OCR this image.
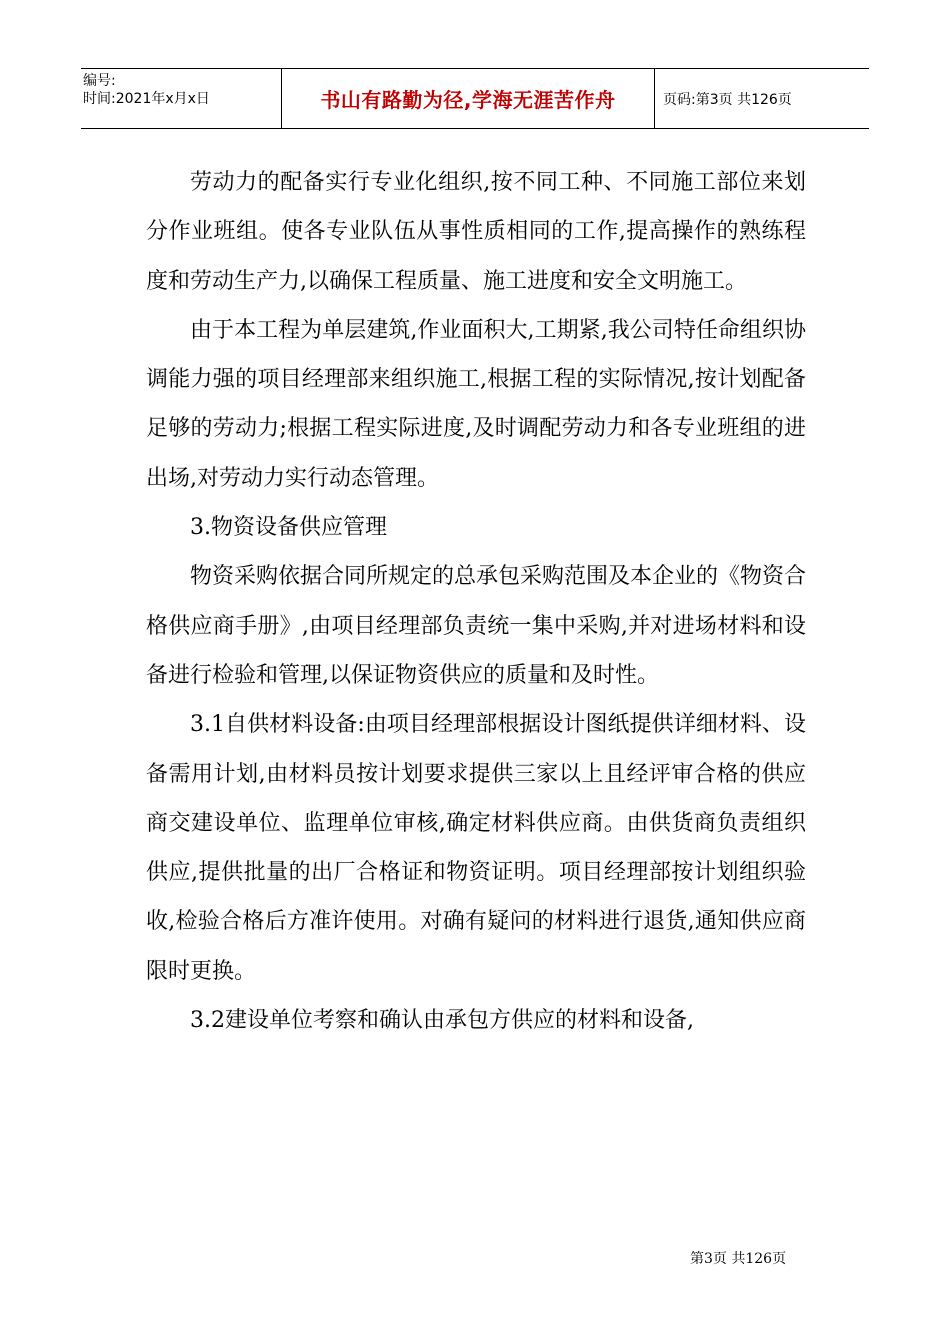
编号:
时间:2021年x月x日	书山有路勤为径,学海无涯苦作舟	页码:第3页 共126页

劳动力的配备实行专业化组织,按不同工种、不同施工部位来划分作业班组。使各专业队伍从事性质相同的工作,提高操作的熟练程度和劳动生产力,以确保工程质量、施工进度和安全文明施工。

由于本工程为单层建筑,作业面积大,工期紧,我公司特任命组织协调能力强的项目经理部来组织施工,根据工程的实际情况,按计划配备足够的劳动力;根据工程实际进度,及时调配劳动力和各专业班组的进出场,对劳动力实行动态管理。

3.物资设备供应管理

物资采购依据合同所规定的总承包采购范围及本企业的《物资合格供应商手册》,由项目经理部负责统一集中采购,并对进场材料和设备进行检验和管理,以保证物资供应的质量和及时性。

3.1自供材料设备:由项目经理部根据设计图纸提供详细材料、设备需用计划,由材料员按计划要求提供三家以上且经评审合格的供应商交建设单位、监理单位审核,确定材料供应商。由供货商负责组织供应,提供批量的出厂合格证和物资证明。项目经理部按计划组织验收,检验合格后方准许使用。对确有疑问的材料进行退货,通知供应商限时更换。

3.2建设单位考察和确认由承包方供应的材料和设备,

第3页 共126页
